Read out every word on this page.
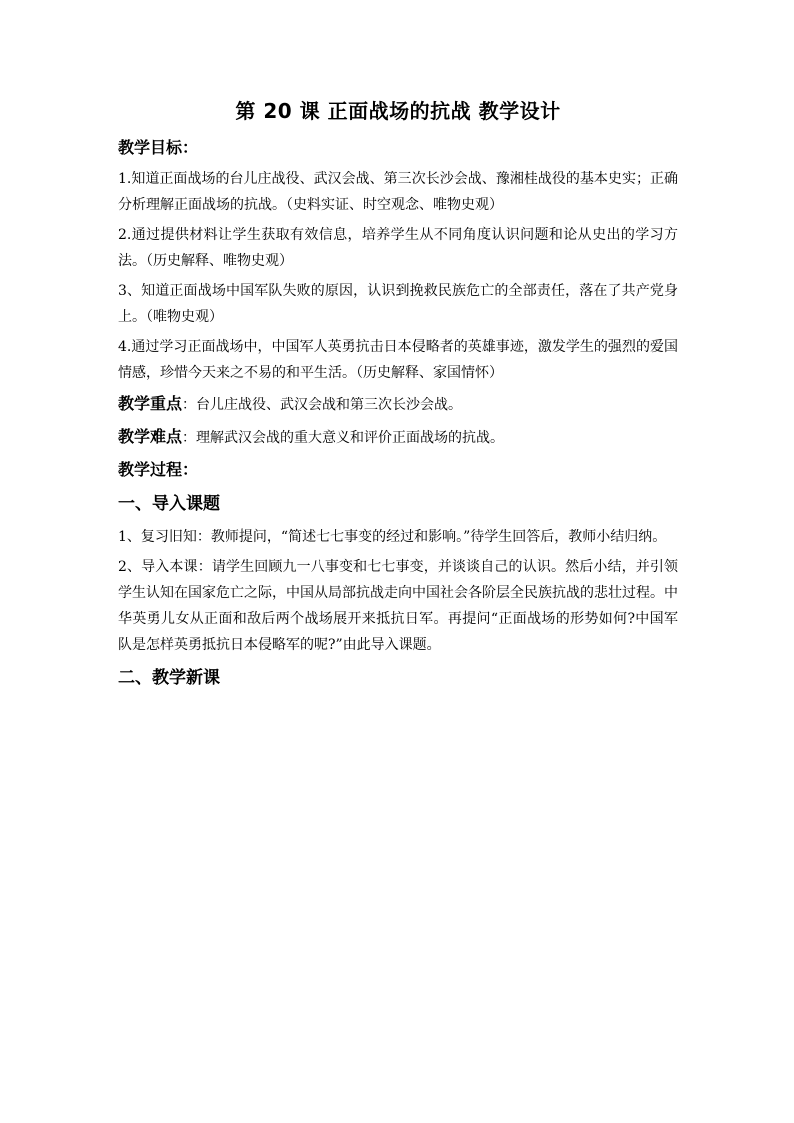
第 20 课 正面战场的抗战 教学设计
教学目标：

1.知道正面战场的台儿庄战役、武汉会战、第三次长沙会战、豫湘桂战役的基本史实；正确分析理解正面战场的抗战。（史料实证、时空观念、唯物史观）

2.通过提供材料让学生获取有效信息，培养学生从不同角度认识问题和论从史出的学习方法。（历史解释、唯物史观）

3、知道正面战场中国军队失败的原因，认识到挽救民族危亡的全部责任，落在了共产党身上。（唯物史观）

4.通过学习正面战场中，中国军人英勇抗击日本侵略者的英雄事迹，激发学生的强烈的爱国情感，珍惜今天来之不易的和平生活。（历史解释、家国情怀）

教学重点：台儿庄战役、武汉会战和第三次长沙会战。

教学难点：理解武汉会战的重大意义和评价正面战场的抗战。

教学过程：
一、导入课题

1、复习旧知：教师提问，“简述七七事变的经过和影响。”待学生回答后，教师小结归纳。

2、导入本课：请学生回顾九一八事变和七七事变，并谈谈自己的认识。然后小结，并引领学生认知在国家危亡之际，中国从局部抗战走向中国社会各阶层全民族抗战的悲壮过程。中华英勇儿女从正面和敌后两个战场展开来抵抗日军。再提问“正面战场的形势如何?中国军队是怎样英勇抵抗日本侵略军的呢?”由此导入课题。

二、教学新课
